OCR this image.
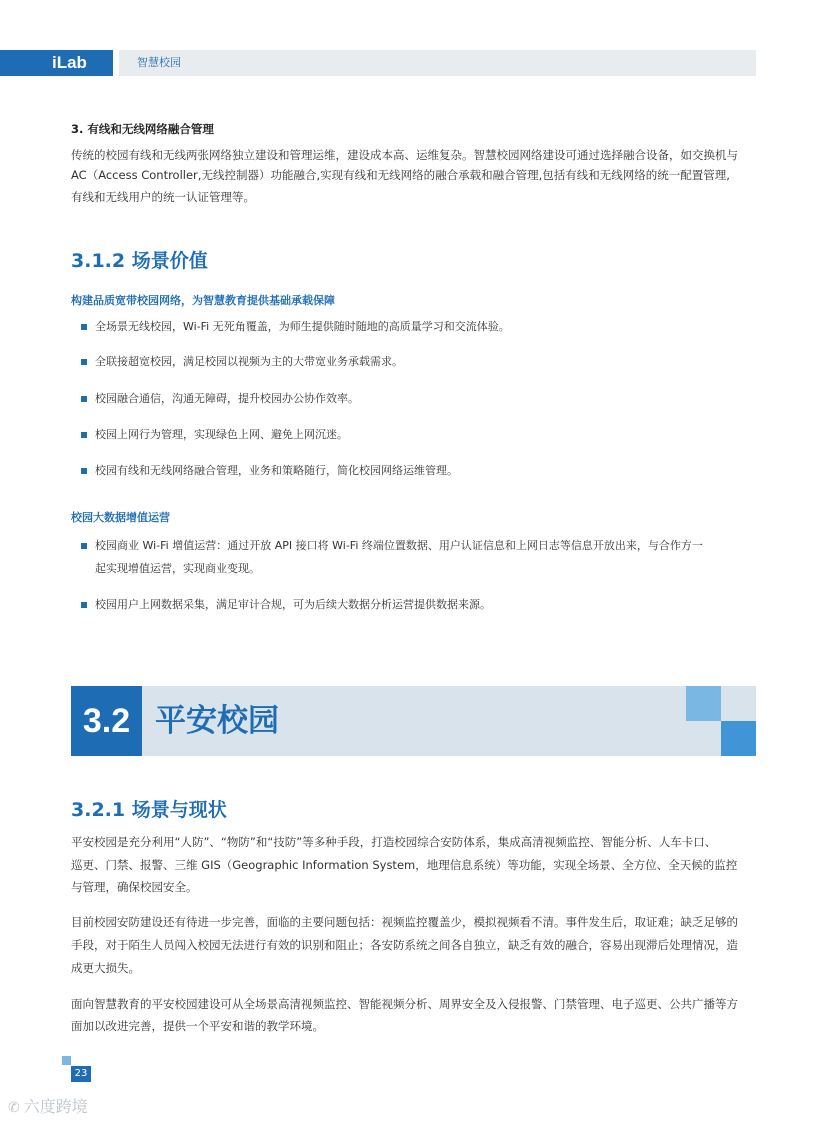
iLab	智慧校园

3. 有线和无线网络融合管理

传统的校园有线和无线两张网络独立建设和管理运维，建设成本高、运维复杂。智慧校园网络建设可通过选择融合设备，如交换机与

AC（Access Controller,无线控制器）功能融合,实现有线和无线网络的融合承载和融合管理,包括有线和无线网络的统一配置管理,

有线和无线用户的统一认证管理等。

3.1.2 场景价值
构建品质宽带校园网络，为智慧教育提供基础承载保障

全场景无线校园，Wi-Fi 无死角覆盖，为师生提供随时随地的高质量学习和交流体验。

全联接超宽校园，满足校园以视频为主的大带宽业务承载需求。

校园融合通信，沟通无障碍，提升校园办公协作效率。

校园上网行为管理，实现绿色上网、避免上网沉迷。

校园有线和无线网络融合管理，业务和策略随行，简化校园网络运维管理。

校园大数据增值运营

校园商业 Wi-Fi 增值运营：通过开放 API 接口将 Wi-Fi 终端位置数据、用户认证信息和上网日志等信息开放出来，与合作方一

起实现增值运营，实现商业变现。

校园用户上网数据采集，满足审计合规，可为后续大数据分析运营提供数据来源。

3.2 平安校园
3.2.1 场景与现状

平安校园是充分利用“人防”、“物防”和“技防”等多种手段，打造校园综合安防体系，集成高清视频监控、智能分析、人车卡口、

巡更、门禁、报警、三维 GIS（Geographic Information System，地理信息系统）等功能，实现全场景、全方位、全天候的监控

与管理，确保校园安全。

目前校园安防建设还有待进一步完善，面临的主要问题包括：视频监控覆盖少，模拟视频看不清。事件发生后，取证难；缺乏足够的

手段，对于陌生人员闯入校园无法进行有效的识别和阻止；各安防系统之间各自独立，缺乏有效的融合，容易出现滞后处理情况，造

成更大损失。

面向智慧教育的平安校园建设可从全场景高清视频监控、智能视频分析、周界安全及入侵报警、门禁管理、电子巡更、公共广播等方

面加以改进完善，提供一个平安和谐的教学环境。

23
✆ 六度跨境
